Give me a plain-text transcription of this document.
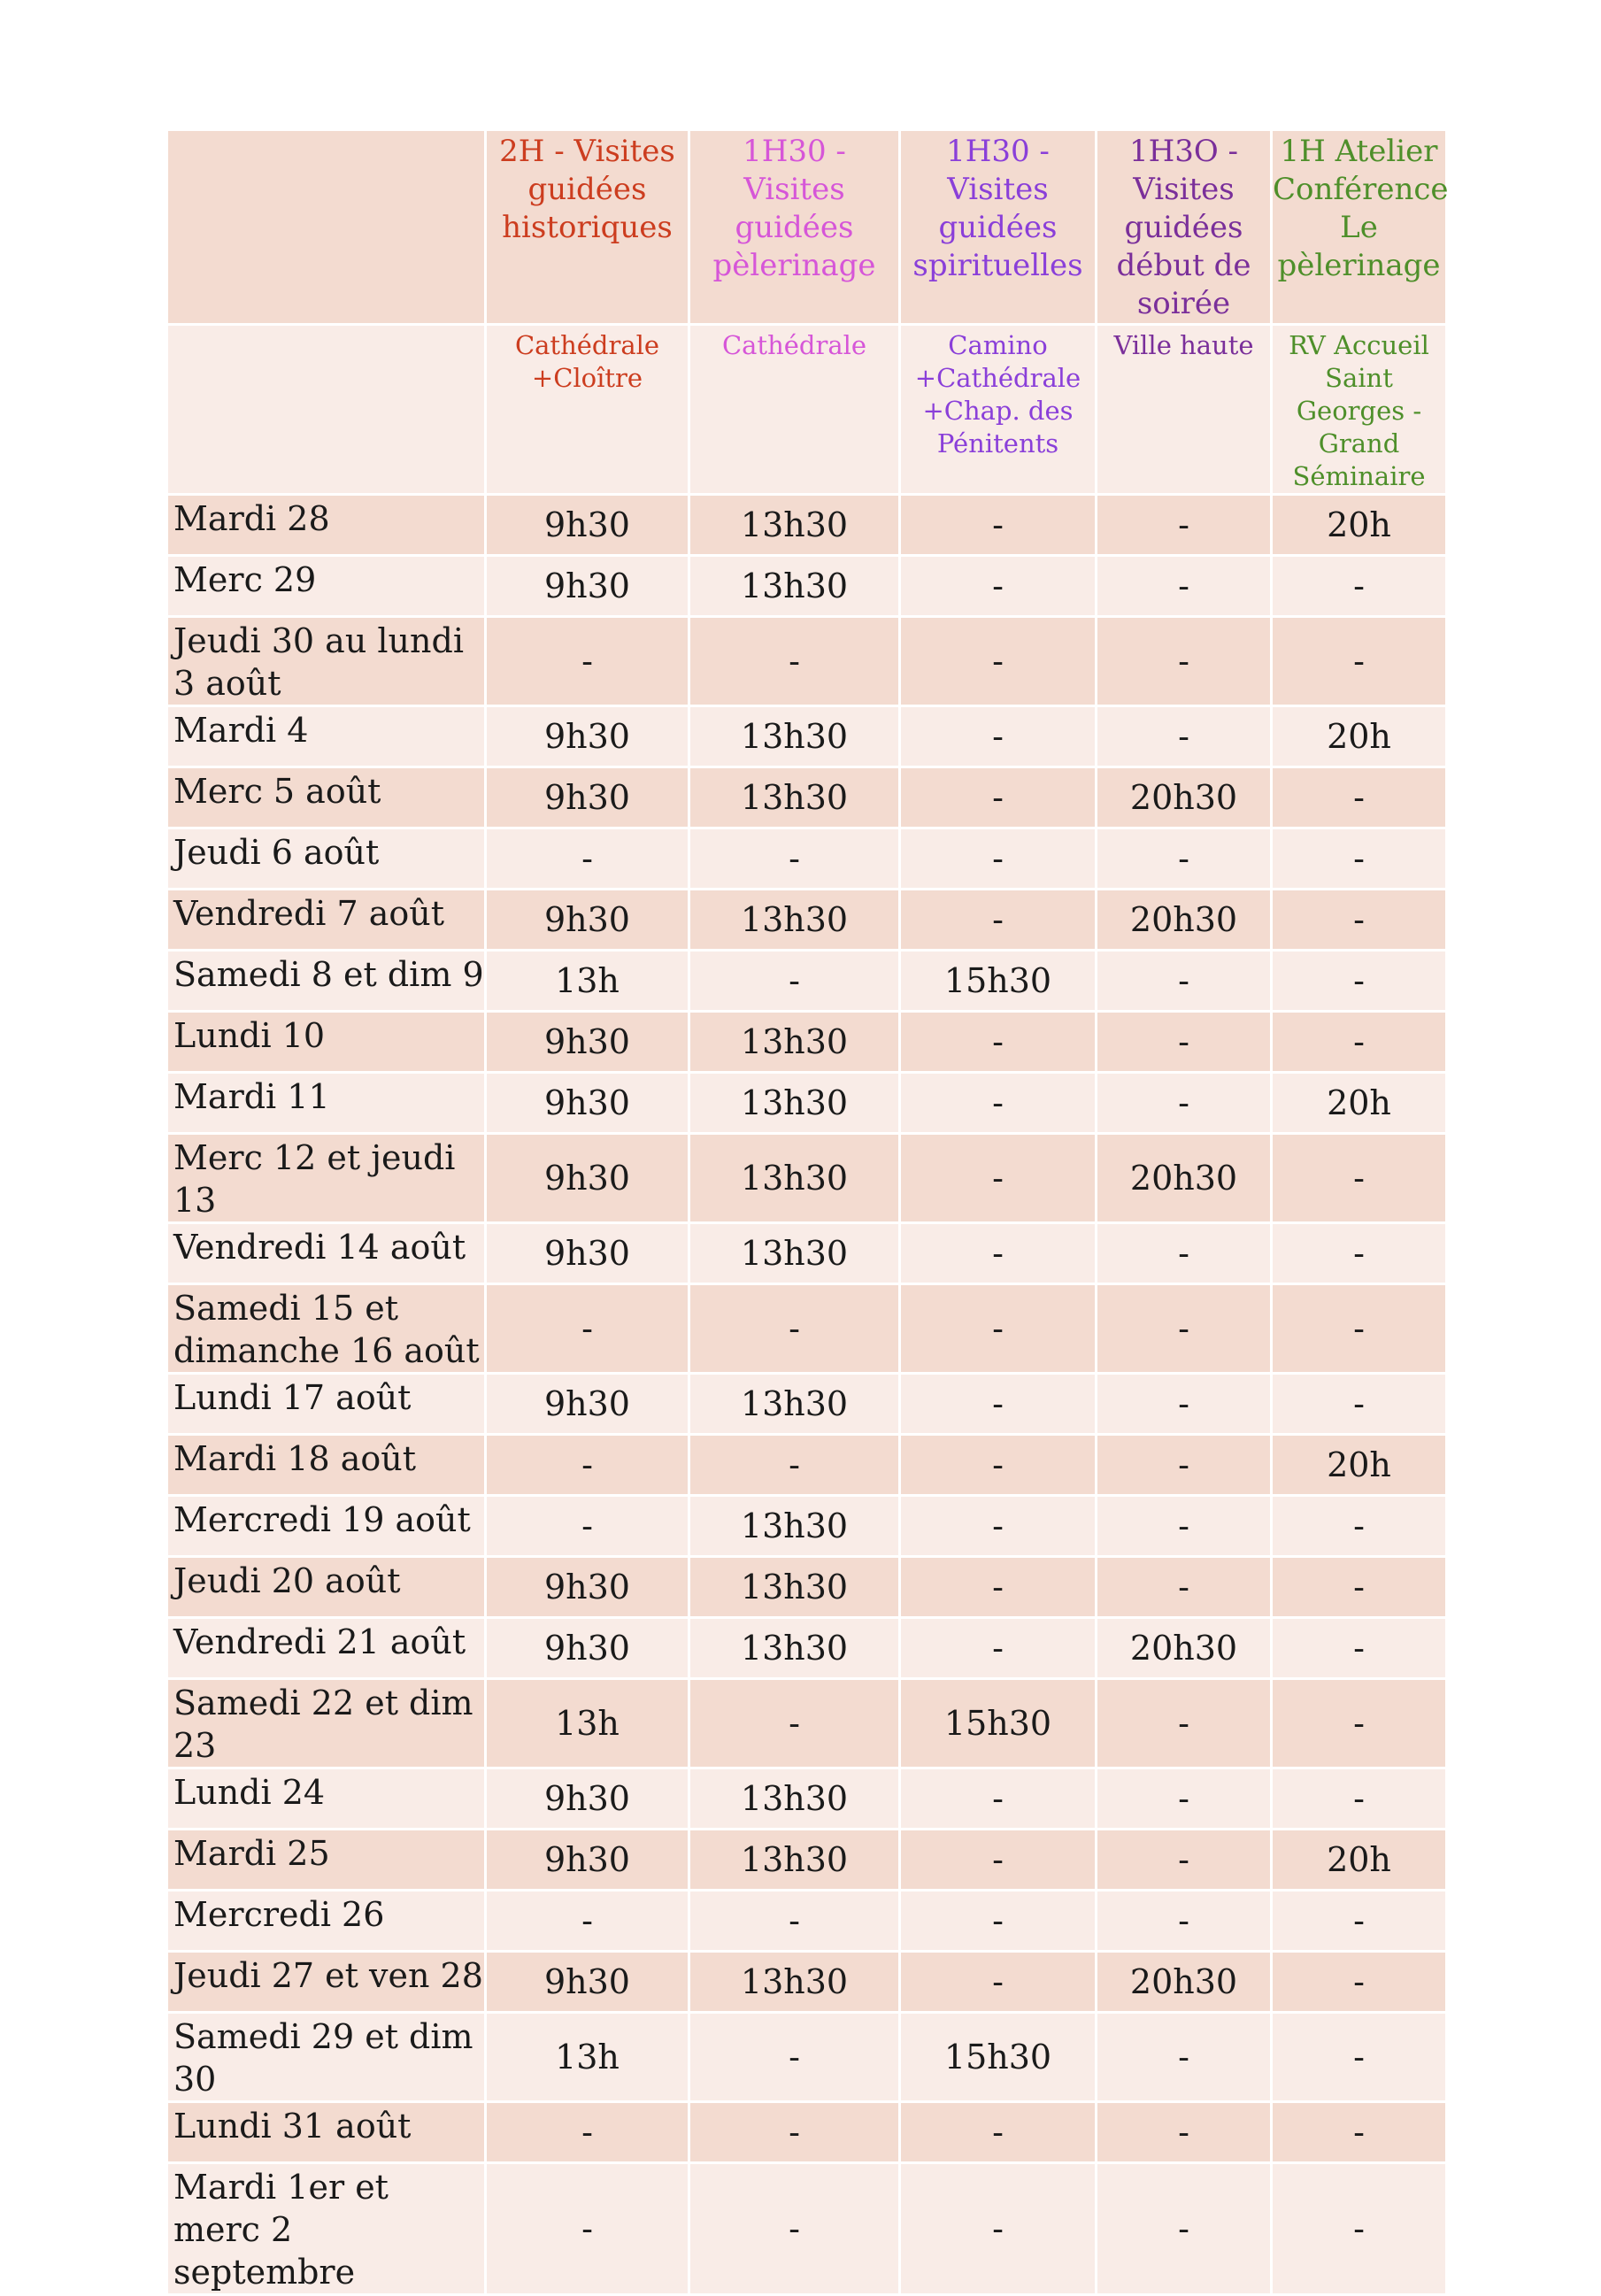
	2H - Visites guidées historiques	1H30 - Visites guidées pèlerinage	1H30 - Visites guidées spirituelles	1H3O -Visites guidées début de soirée	1H Atelier Conférence Le pèlerinage
	Cathédrale +Cloître	Cathédrale	Camino +Cathédrale +Chap. des Pénitents	Ville haute	RV Accueil Saint Georges -Grand Séminaire
Mardi 28	9h30	13h30	-	-	20h
Merc 29	9h30	13h30	-	-	-
Jeudi 30 au lundi 3 août	-	-	-	-	-
Mardi 4	9h30	13h30	-	-	20h
Merc 5 août	9h30	13h30	-	20h30	-
Jeudi 6 août	-	-	-	-	-
Vendredi 7 août	9h30	13h30	-	20h30	-
Samedi 8 et dim 9	13h	-	15h30	-	-
Lundi 10	9h30	13h30	-	-	-
Mardi 11	9h30	13h30	-	-	20h
Merc 12 et jeudi 13	9h30	13h30	-	20h30	-
Vendredi 14 août	9h30	13h30	-	-	-
Samedi 15 et dimanche 16 août	-	-	-	-	-
Lundi 17 août	9h30	13h30	-	-	-
Mardi 18 août	-	-	-	-	20h
Mercredi 19 août	-	13h30	-	-	-
Jeudi 20 août	9h30	13h30	-	-	-
Vendredi 21 août	9h30	13h30	-	20h30	-
Samedi 22 et dim 23	13h	-	15h30	-	-
Lundi 24	9h30	13h30	-	-	-
Mardi 25	9h30	13h30	-	-	20h
Mercredi 26	-	-	-	-	-
Jeudi 27 et ven 28	9h30	13h30	-	20h30	-
Samedi 29 et dim 30	13h	-	15h30	-	-
Lundi 31 août	-	-	-	-	-
Mardi 1er et merc 2 septembre	-	-	-	-	-
